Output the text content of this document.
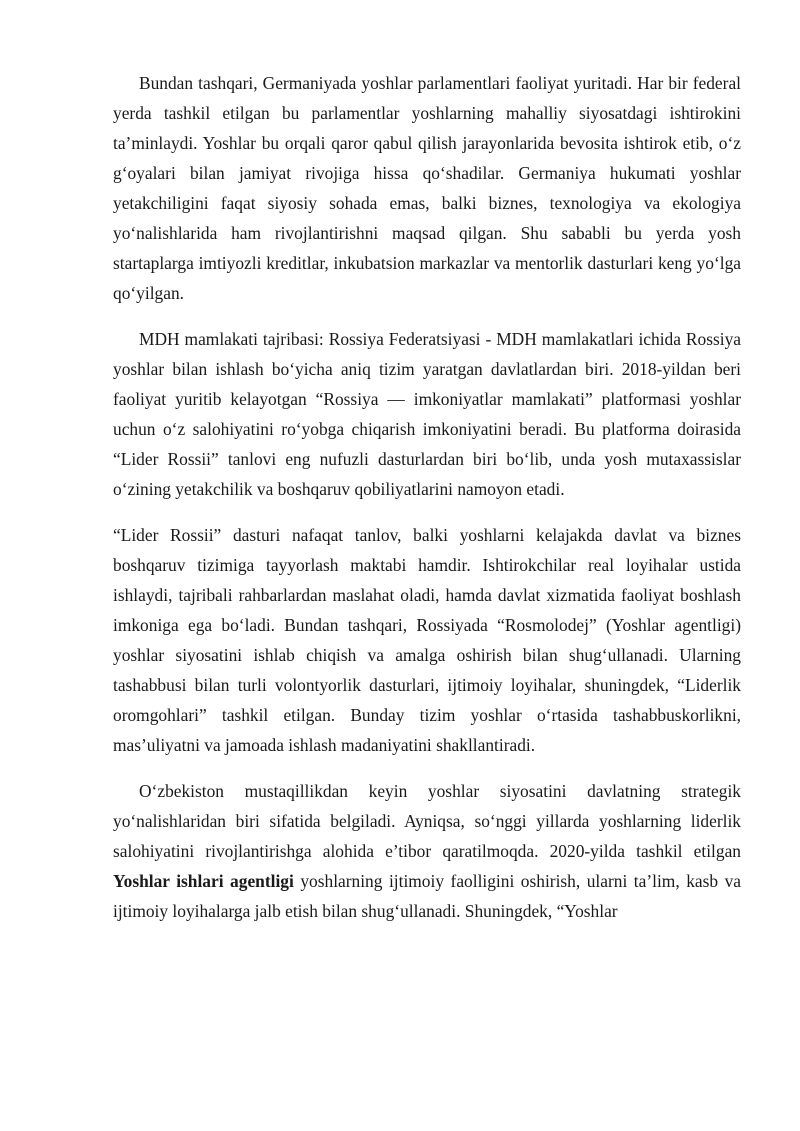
Bundan tashqari, Germaniyada yoshlar parlamentlari faoliyat yuritadi. Har bir federal yerda tashkil etilgan bu parlamentlar yoshlarning mahalliy siyosatdagi ishtirokini ta’minlaydi. Yoshlar bu orqali qaror qabul qilish jarayonlarida bevosita ishtirok etib, o‘z g‘oyalari bilan jamiyat rivojiga hissa qo‘shadilar. Germaniya hukumati yoshlar yetakchiligini faqat siyosiy sohada emas, balki biznes, texnologiya va ekologiya yo‘nalishlarida ham rivojlantirishni maqsad qilgan. Shu sababli bu yerda yosh startaplarga imtiyozli kreditlar, inkubatsion markazlar va mentorlik dasturlari keng yo‘lga qo‘yilgan.

MDH mamlakati tajribasi: Rossiya Federatsiyasi - MDH mamlakatlari ichida Rossiya yoshlar bilan ishlash bo‘yicha aniq tizim yaratgan davlatlardan biri. 2018-yildan beri faoliyat yuritib kelayotgan “Rossiya — imkoniyatlar mamlakati” platformasi yoshlar uchun o‘z salohiyatini ro‘yobga chiqarish imkoniyatini beradi. Bu platforma doirasida “Lider Rossii” tanlovi eng nufuzli dasturlardan biri bo‘lib, unda yosh mutaxassislar o‘zining yetakchilik va boshqaruv qobiliyatlarini namoyon etadi.

“Lider Rossii” dasturi nafaqat tanlov, balki yoshlarni kelajakda davlat va biznes boshqaruv tizimiga tayyorlash maktabi hamdir. Ishtirokchilar real loyihalar ustida ishlaydi, tajribali rahbarlardan maslahat oladi, hamda davlat xizmatida faoliyat boshlash imkoniga ega bo‘ladi. Bundan tashqari, Rossiyada “Rosmolodej” (Yoshlar agentligi) yoshlar siyosatini ishlab chiqish va amalga oshirish bilan shug‘ullanadi. Ularning tashabbusi bilan turli volontyorlik dasturlari, ijtimoiy loyihalar, shuningdek, “Liderlik oromgohlari” tashkil etilgan. Bunday tizim yoshlar o‘rtasida tashabbuskorlikni, mas’uliyatni va jamoada ishlash madaniyatini shakllantiradi.

O‘zbekiston mustaqillikdan keyin yoshlar siyosatini davlatning strategik yo‘nalishlaridan biri sifatida belgiladi. Ayniqsa, so‘nggi yillarda yoshlarning liderlik salohiyatini rivojlantirishga alohida e’tibor qaratilmoqda. 2020-yilda tashkil etilgan Yoshlar ishlari agentligi yoshlarning ijtimoiy faolligini oshirish, ularni ta’lim, kasb va ijtimoiy loyihalarga jalb etish bilan shug‘ullanadi. Shuningdek, “Yoshlar
